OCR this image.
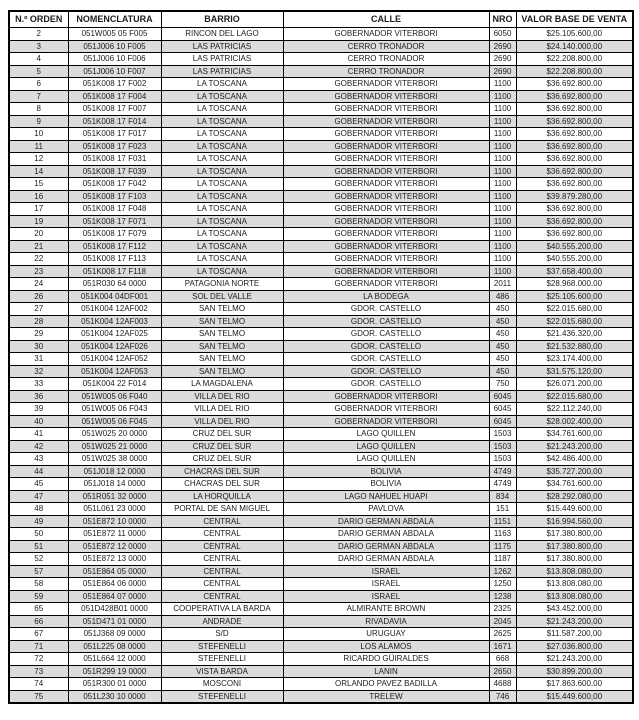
N.º ORDEN	NOMENCLATURA	BARRIO	CALLE	NRO	VALOR BASE DE VENTA
2	051W005 05 F005	RINCON DEL LAGO	GOBERNADOR VITERBORI	6050	$25.105.600,00
3	051J006 10 F005	LAS PATRICIAS	CERRO TRONADOR	2690	$24.140.000,00
4	051J006 10 F006	LAS PATRICIAS	CERRO TRONADOR	2690	$22.208.800,00
5	051J006 10 F007	LAS PATRICIAS	CERRO TRONADOR	2690	$22.208.800,00
6	051K008 17 F002	LA TOSCANA	GOBERNADOR VITERBORI	1100	$36.692.800,00
7	051K008 17 F004	LA TOSCANA	GOBERNADOR VITERBORI	1100	$36.692.800,00
8	051K008 17 F007	LA TOSCANA	GOBERNADOR VITERBORI	1100	$36.692.800,00
9	051K008 17 F014	LA TOSCANA	GOBERNADOR VITERBORI	1100	$36.692.800,00
10	051K008 17 F017	LA TOSCANA	GOBERNADOR VITERBORI	1100	$36.692.800,00
11	051K008 17 F023	LA TOSCANA	GOBERNADOR VITERBORI	1100	$36.692.800,00
12	051K008 17 F031	LA TOSCANA	GOBERNADOR VITERBORI	1100	$36.692.800,00
14	051K008 17 F039	LA TOSCANA	GOBERNADOR VITERBORI	1100	$36.692.800,00
15	051K008 17 F042	LA TOSCANA	GOBERNADOR VITERBORI	1100	$36.692.800,00
16	051K008 17 F103	LA TOSCANA	GOBERNADOR VITERBORI	1100	$39.879.280,00
17	051K008 17 F048	LA TOSCANA	GOBERNADOR VITERBORI	1100	$36.692.800,00
19	051K008 17 F071	LA TOSCANA	GOBERNADOR VITERBORI	1100	$36.692.800,00
20	051K008 17 F079	LA TOSCANA	GOBERNADOR VITERBORI	1100	$36.692.800,00
21	051K008 17 F112	LA TOSCANA	GOBERNADOR VITERBORI	1100	$40.555.200,00
22	051K008 17 F113	LA TOSCANA	GOBERNADOR VITERBORI	1100	$40.555.200,00
23	051K008 17 F118	LA TOSCANA	GOBERNADOR VITERBORI	1100	$37.658.400,00
24	051R030 64 0000	PATAGONIA NORTE	GOBERNADOR VITERBORI	2011	$28.968.000,00
26	051K004 04DF001	SOL DEL VALLE	LA BODEGA	486	$25.105.600,00
27	051K004 12AF002	SAN TELMO	GDOR. CASTELLO	450	$22.015.680,00
28	051K004 12AF003	SAN TELMO	GDOR. CASTELLO	450	$22.015.680,00
29	051K004 12AF025	SAN TELMO	GDOR. CASTELLO	450	$21.436.320,00
30	051K004 12AF026	SAN TELMO	GDOR. CASTELLO	450	$21.532.880,00
31	051K004 12AF052	SAN TELMO	GDOR. CASTELLO	450	$23.174.400,00
32	051K004 12AF053	SAN TELMO	GDOR. CASTELLO	450	$31.575.120,00
33	051K004 22 F014	LA MAGDALENA	GDOR. CASTELLO	750	$26.071.200,00
36	051W005 06 F040	VILLA DEL RIO	GOBERNADOR VITERBORI	6045	$22.015.680,00
39	051W005 06 F043	VILLA DEL RIO	GOBERNADOR VITERBORI	6045	$22.112.240,00
40	051W005 06 F045	VILLA DEL RIO	GOBERNADOR VITERBORI	6045	$28.002.400,00
41	051W025 20 0000	CRUZ DEL SUR	LAGO QUILLEN	1503	$34.761.600,00
42	051W025 21 0000	CRUZ DEL SUR	LAGO QUILLEN	1503	$21.243.200,00
43	051W025 38 0000	CRUZ DEL SUR	LAGO QUILLEN	1503	$42.486.400,00
44	051J018 12 0000	CHACRAS DEL SUR	BOLIVIA	4749	$35.727.200,00
45	051J018 14 0000	CHACRAS DEL SUR	BOLIVIA	4749	$34.761.600,00
47	051R051 32 0000	LA HORQUILLA	LAGO NAHUEL HUAPI	834	$28.292.080,00
48	051L061 23 0000	PORTAL DE SAN MIGUEL	PAVLOVA	151	$15.449.600,00
49	051E872 10 0000	CENTRAL	DARIO GERMAN ABDALA	1151	$16.994.560,00
50	051E872 11 0000	CENTRAL	DARIO GERMAN ABDALA	1163	$17.380.800,00
51	051E872 12 0000	CENTRAL	DARIO GERMAN ABDALA	1175	$17.380.800,00
52	051E872 13 0000	CENTRAL	DARIO GERMAN ABDALA	1187	$17.380.800,00
57	051E864 05 0000	CENTRAL	ISRAEL	1262	$13.808.080,00
58	051E864 06 0000	CENTRAL	ISRAEL	1250	$13.808.080,00
59	051E864 07 0000	CENTRAL	ISRAEL	1238	$13.808.080,00
65	051D428B01 0000	COOPERATIVA LA BARDA	ALMIRANTE BROWN	2325	$43.452.000,00
66	051D471 01 0000	ANDRADE	RIVADAVIA	2045	$21.243.200,00
67	051J368 09 0000	S/D	URUGUAY	2625	$11.587.200,00
71	051L225 08 0000	STEFENELLI	LOS ALAMOS	1671	$27.036.800,00
72	051L664 12 0000	STEFENELLI	RICARDO GÜIRALDES	668	$21.243.200,00
73	051R299 19 0000	VISTA BARDA	LANIN	2650	$30.899.200,00
74	051R300 01 0000	MOSCONI	ORLANDO PAVEZ BADILLA	4688	$17.863.600,00
75	051L230 10 0000	STEFENELLI	TRELEW	746	$15.449.600,00
